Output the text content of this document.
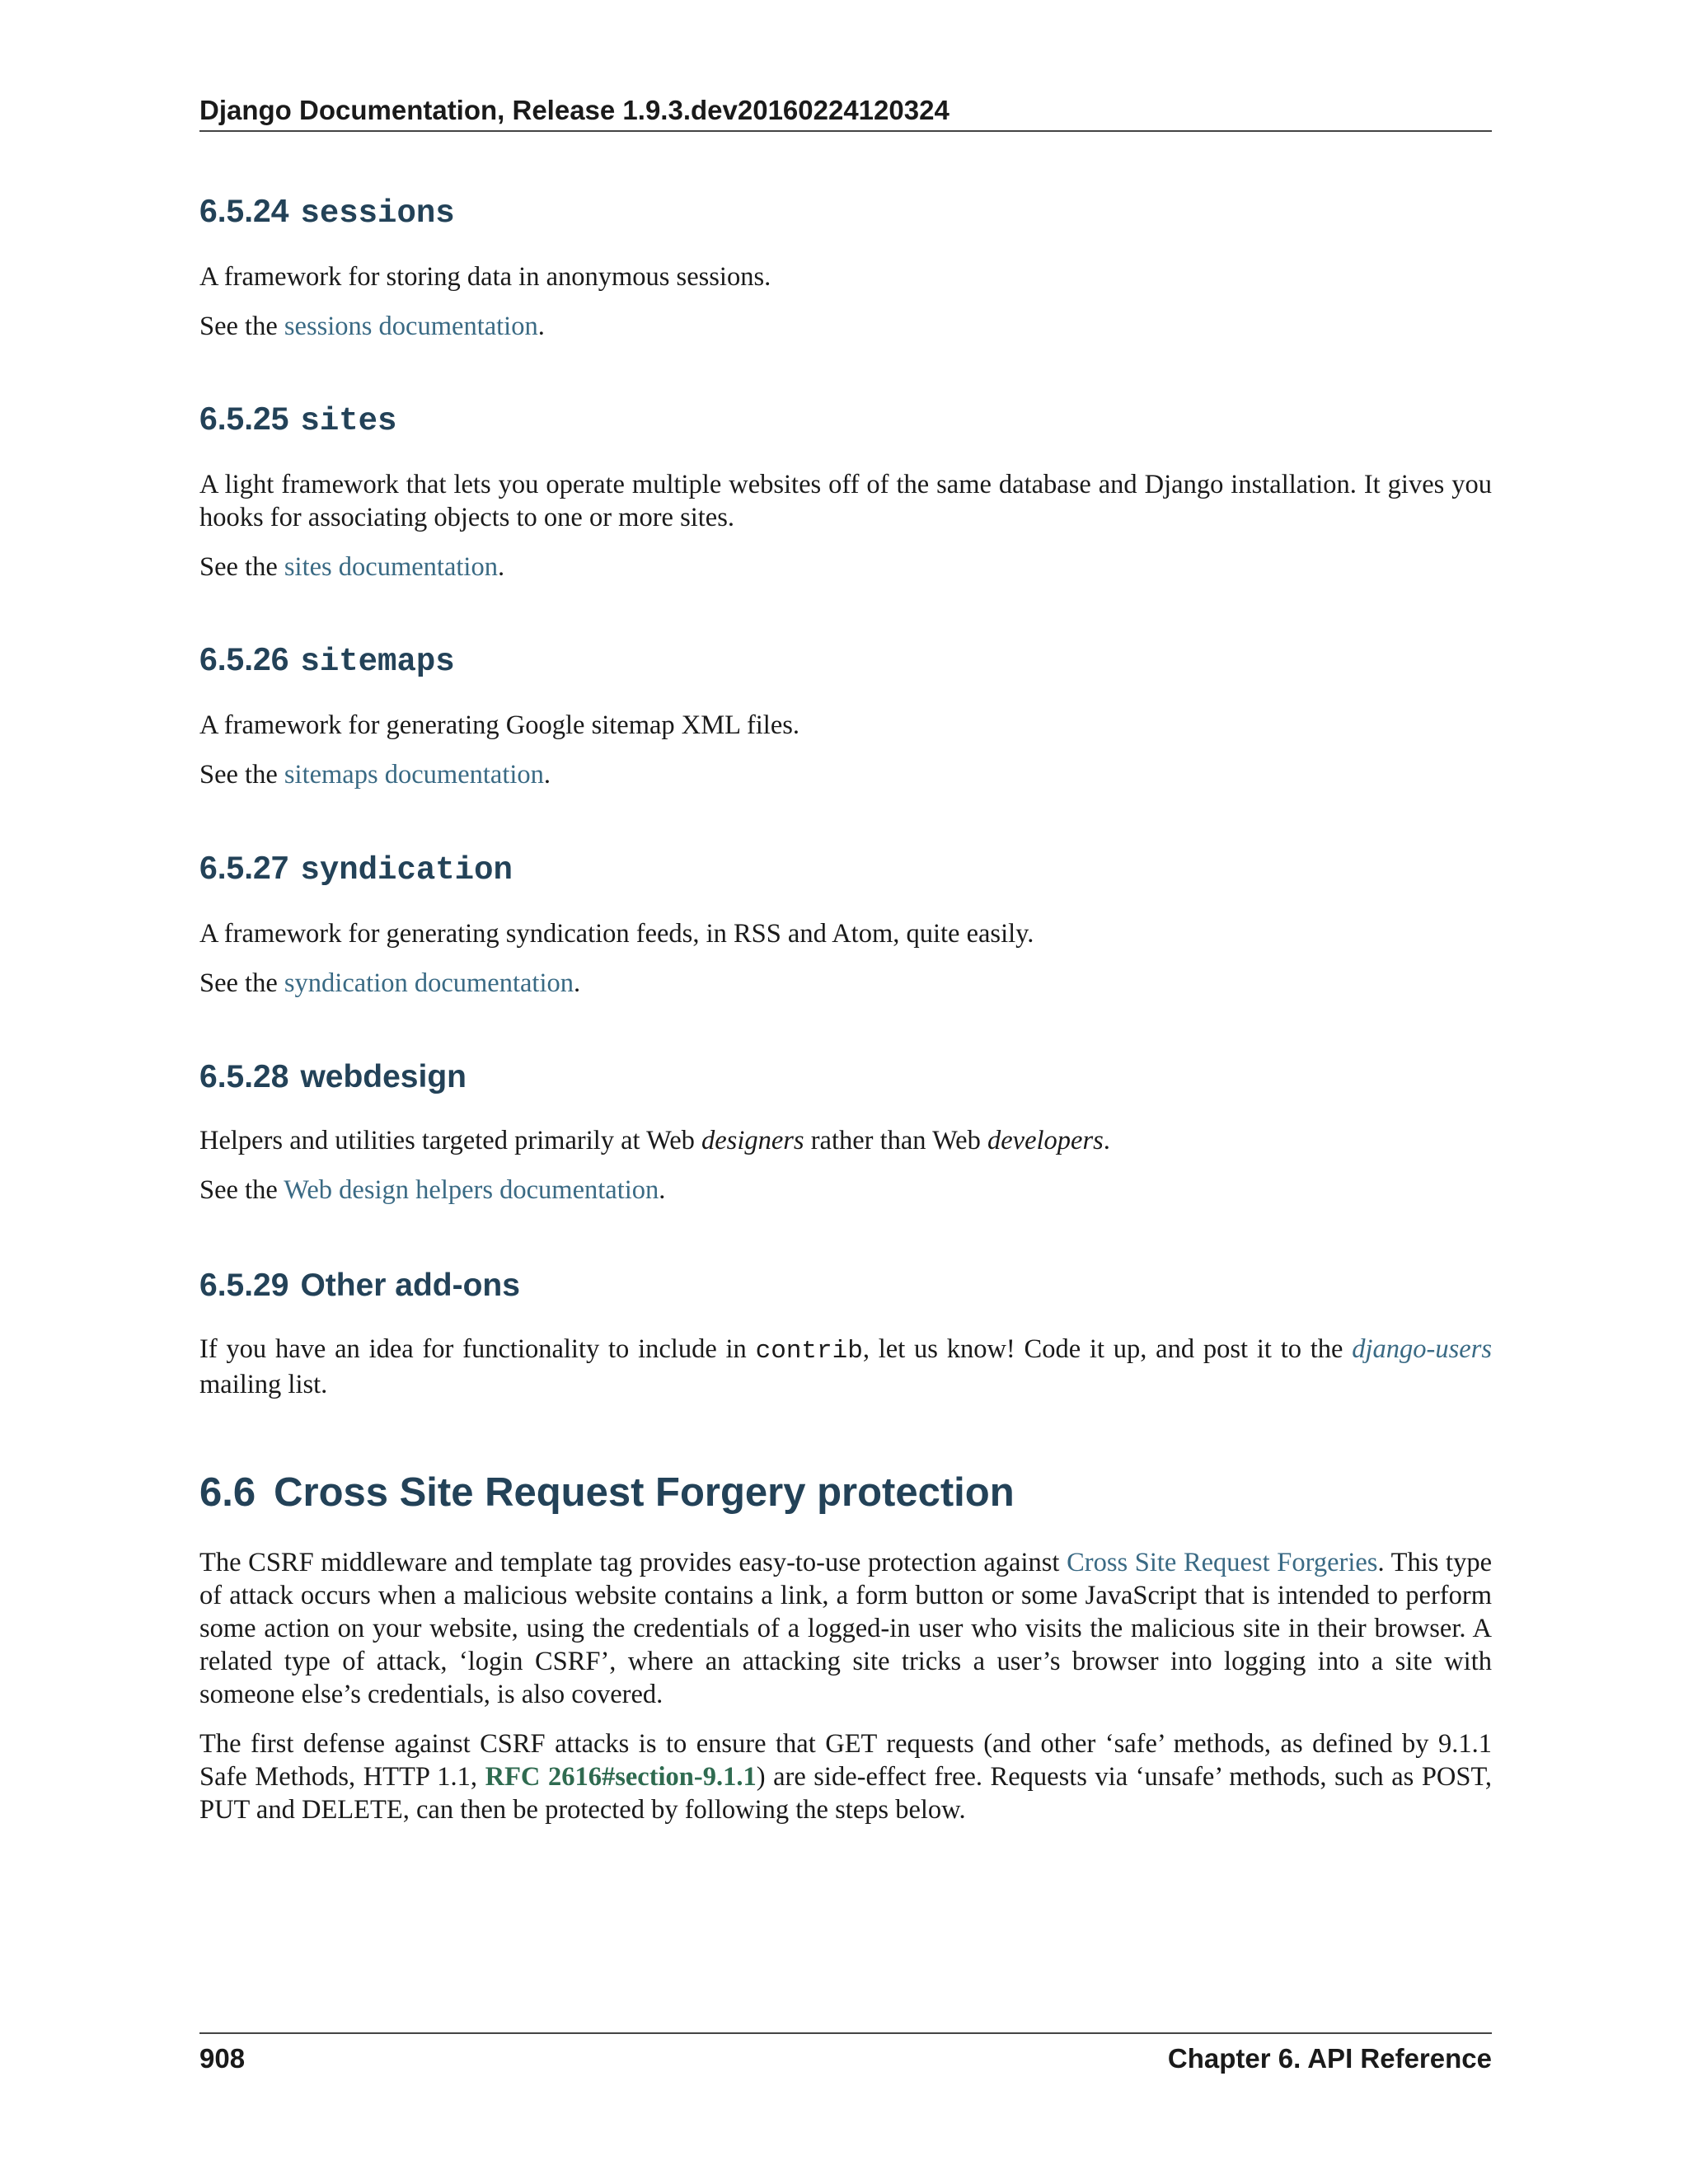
Django Documentation, Release 1.9.3.dev20160224120324
6.5.24 sessions

A framework for storing data in anonymous sessions.

See the sessions documentation.

6.5.25 sites

A light framework that lets you operate multiple websites off of the same database and Django installation. It gives you hooks for associating objects to one or more sites.

See the sites documentation.

6.5.26 sitemaps

A framework for generating Google sitemap XML files.

See the sitemaps documentation.

6.5.27 syndication

A framework for generating syndication feeds, in RSS and Atom, quite easily.

See the syndication documentation.

6.5.28 webdesign

Helpers and utilities targeted primarily at Web designers rather than Web developers.

See the Web design helpers documentation.

6.5.29 Other add-ons

If you have an idea for functionality to include in contrib, let us know! Code it up, and post it to the django-users mailing list.

6.6 Cross Site Request Forgery protection

The CSRF middleware and template tag provides easy-to-use protection against Cross Site Request Forgeries. This type of attack occurs when a malicious website contains a link, a form button or some JavaScript that is intended to perform some action on your website, using the credentials of a logged-in user who visits the malicious site in their browser. A related type of attack, ‘login CSRF’, where an attacking site tricks a user’s browser into logging into a site with someone else’s credentials, is also covered.

The first defense against CSRF attacks is to ensure that GET requests (and other ‘safe’ methods, as defined by 9.1.1 Safe Methods, HTTP 1.1, RFC 2616#section-9.1.1) are side-effect free. Requests via ‘unsafe’ methods, such as POST, PUT and DELETE, can then be protected by following the steps below.

908	Chapter 6. API Reference
